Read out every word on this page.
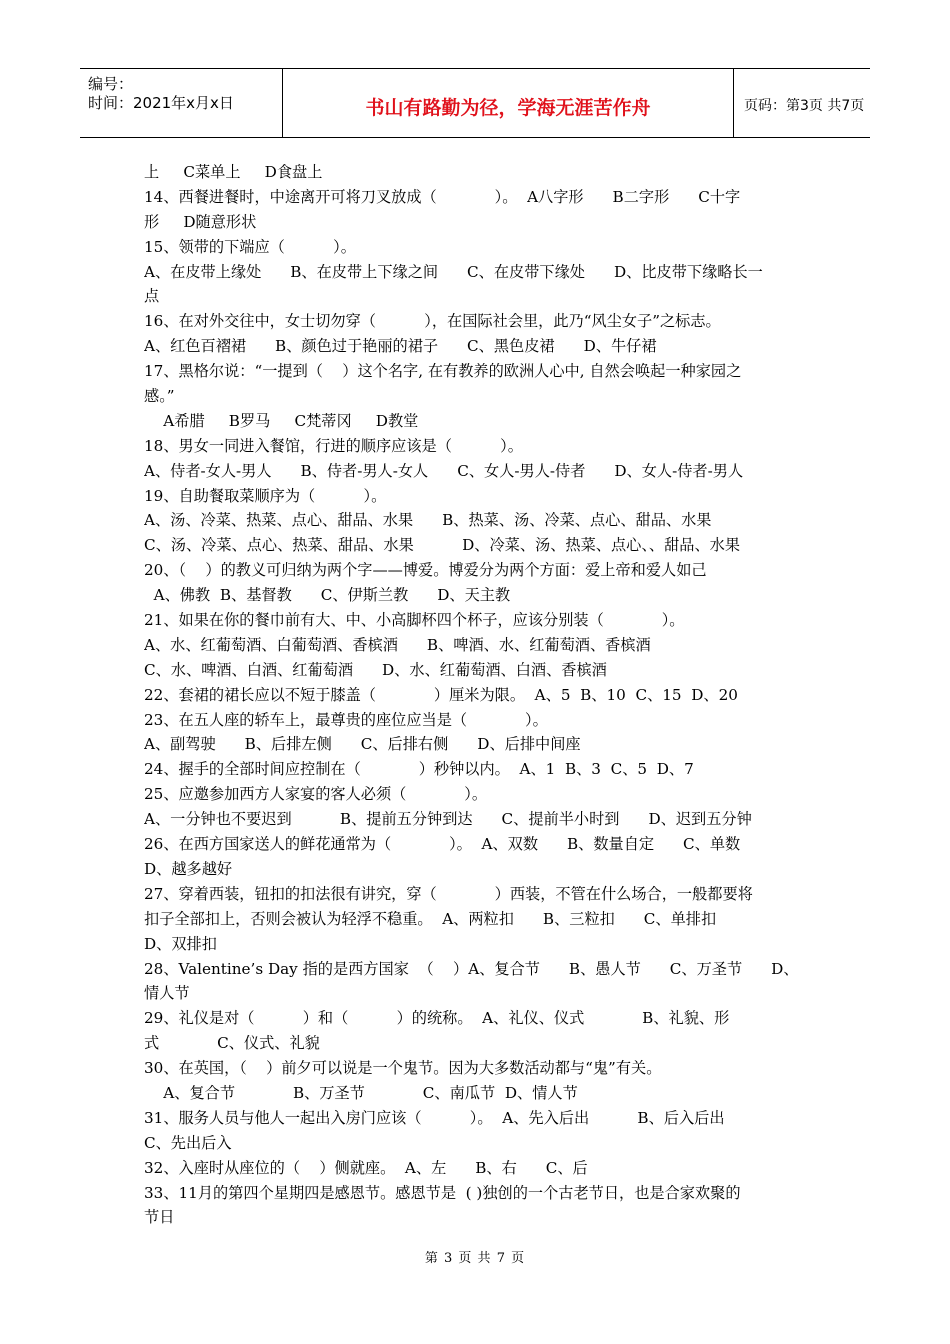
编号：
时间：2021年x月x日	书山有路勤为径，学海无涯苦作舟	页码：第3页 共7页
上     C菜单上     D食盘上
14、西餐进餐时，中途离开可将刀叉放成（            ）。  A八字形      B二字形      C十字
形     D随意形状
15、领带的下端应（          ）。
A、在皮带上缘处      B、在皮带上下缘之间      C、在皮带下缘处      D、比皮带下缘略长一
点
16、在对外交往中，女士切勿穿（          ），在国际社会里，此乃“风尘女子”之标志。
A、红色百褶裙      B、颜色过于艳丽的裙子      C、黑色皮裙      D、牛仔裙
17、黑格尔说：“一提到（    ）这个名字, 在有教养的欧洲人心中, 自然会唤起一种家园之
感。”
A希腊     B罗马     C梵蒂冈     D教堂
18、男女一同进入餐馆，行进的顺序应该是（          ）。
A、侍者-女人-男人      B、侍者-男人-女人      C、女人-男人-侍者      D、女人-侍者-男人
19、自助餐取菜顺序为（          ）。
A、汤、冷菜、热菜、点心、甜品、水果      B、热菜、汤、冷菜、点心、甜品、水果
C、汤、冷菜、点心、热菜、甜品、水果          D、冷菜、汤、热菜、点心、、甜品、水果
20、（    ）的教义可归纳为两个字——博爱。博爱分为两个方面：爱上帝和爱人如己
A、佛教  B、基督教      C、伊斯兰教      D、天主教
21、如果在你的餐巾前有大、中、小高脚杯四个杯子，应该分别装（            ）。
A、水、红葡萄酒、白葡萄酒、香槟酒      B、啤酒、水、红葡萄酒、香槟酒
C、水、啤酒、白酒、红葡萄酒      D、水、红葡萄酒、白酒、香槟酒
22、套裙的裙长应以不短于膝盖（            ）厘米为限。  A、5  B、10  C、15  D、20
23、在五人座的轿车上，最尊贵的座位应当是（            ）。
A、副驾驶      B、后排左侧      C、后排右侧      D、后排中间座
24、握手的全部时间应控制在（            ）秒钟以内。  A、1  B、3  C、5  D、7
25、应邀参加西方人家宴的客人必须（            ）。
A、一分钟也不要迟到          B、提前五分钟到达      C、提前半小时到      D、迟到五分钟
26、在西方国家送人的鲜花通常为（            ）。  A、双数      B、数量自定      C、单数
D、越多越好
27、穿着西装，钮扣的扣法很有讲究，穿（            ）西装，不管在什么场合，一般都要将
扣子全部扣上，否则会被认为轻浮不稳重。  A、两粒扣      B、三粒扣      C、单排扣
D、双排扣
28、Valentine’s Day 指的是西方国家  （    ）A、复合节      B、愚人节      C、万圣节      D、
情人节
29、礼仪是对（          ）和（          ）的统称。  A、礼仪、仪式            B、礼貌、形
式            C、仪式、礼貌
30、在英国，（    ）前夕可以说是一个鬼节。因为大多数活动都与“鬼”有关。
A、复合节            B、万圣节            C、南瓜节  D、情人节
31、服务人员与他人一起出入房门应该（          ）。  A、先入后出          B、后入后出
C、先出后入
32、入座时从座位的（    ）侧就座。  A、左      B、右      C、后
33、11月的第四个星期四是感恩节。感恩节是  ( )独创的一个古老节日，也是合家欢聚的
节日
第 3 页 共 7 页
